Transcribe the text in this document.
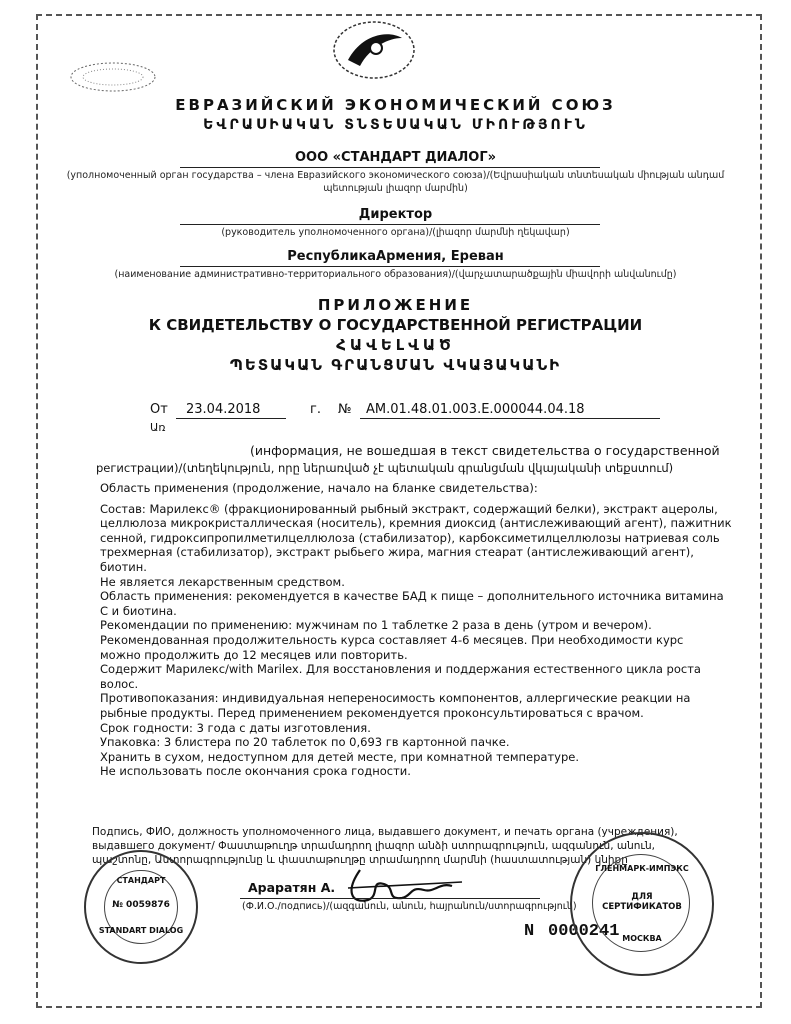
ЕВРАЗИЙСКИЙ ЭКОНОМИЧЕСКИЙ СОЮЗ
ԵՎՐԱՍԻԱԿԱՆ ՏՆՏԵՍԱԿԱՆ ՄԻՈՒԹՅՈՒՆ
ООО «СТАНДАРТ ДИАЛОГ»
(уполномоченный орган государства – члена Евразийского экономического союза)/(Եվրասիական տնտեսական միության անդամ
պետության լիազոր մարմին)
Директор
(руководитель уполномоченного органа)/(լիազոր մարմնի ղեկավար)
РеспубликаАрмения, Ереван
(наименование административно-территориального образования)/(վարչատարածքային միավորի անվանումը)
ПРИЛОЖЕНИЕ
К СВИДЕТЕЛЬСТВУ О ГОСУДАРСТВЕННОЙ РЕГИСТРАЦИИ
ՀԱՎԵԼՎԱԾ
ՊԵՏԱԿԱՆ ԳՐԱՆՑՄԱՆ ՎԿԱՅԱԿԱՆԻ
От 23.04.2018	г. № AM.01.48.01.003.E.000044.04.18
Առ
(информация, не вошедшая в текст свидетельства о государственной
регистрации)/(տեղեկություն, որը ներառված չէ պետական գրանցման վկայականի տեքստում)
Область применения (продолжение, начало на бланке свидетельства):
Состав: Марилекс® (фракционированный рыбный экстракт, содержащий белки), экстракт ацеролы,
целлюлоза микрокристаллическая (носитель), кремния диоксид (антислеживающий агент), пажитник
сенной, гидроксипропилметилцеллюлоза (стабилизатор), карбоксиметилцеллюлозы натриевая соль
трехмерная (стабилизатор), экстракт рыбьего жира, магния стеарат (антислеживающий агент),
биотин.
Не является лекарственным средством.
Область применения: рекомендуется в качестве БАД к пище – дополнительного источника витамина
С и биотина.
Рекомендации по применению: мужчинам по 1 таблетке 2 раза в день (утром и вечером).
Рекомендованная продолжительность курса составляет 4-6 месяцев. При необходимости курс
можно продолжить до 12 месяцев или повторить.
Содержит Марилекс/with Marilex. Для восстановления и поддержания естественного цикла роста
волос.
Противопоказания: индивидуальная непереносимость компонентов, аллергические реакции на
рыбные продукты. Перед применением рекомендуется проконсультироваться с врачом.
Срок годности: 3 года с даты изготовления.
Упаковка: 3 блистера по 20 таблеток по 0,693 гв картонной пачке.
Хранить в сухом, недоступном для детей месте, при комнатной температуре.
Не использовать после окончания срока годности.
Подпись, ФИО, должность уполномоченного лица, выдавшего документ, и печать органа (учреждения),
выдавшего документ/ Փաստաթուղթ տրամադրող լիազոր անձի ստորագրություն, ազգանուն, անուն,
պաշտոնը, Աստորագրությունը և փաստաթուղթը տրամադրող մարմնի (հաստատության) կնիքը
Араратян А.
(Ф.И.О./подпись)/(ազգանուն, անուն, հայրանուն/ստորագրություն)
N 0000241
СТАНДАРТ
№ 0059876
STANDART DIALOG
ГЛЕНМАРК-ИМПЭКС
ДЛЯ СЕРТИФИКАТОВ
МОСКВА
